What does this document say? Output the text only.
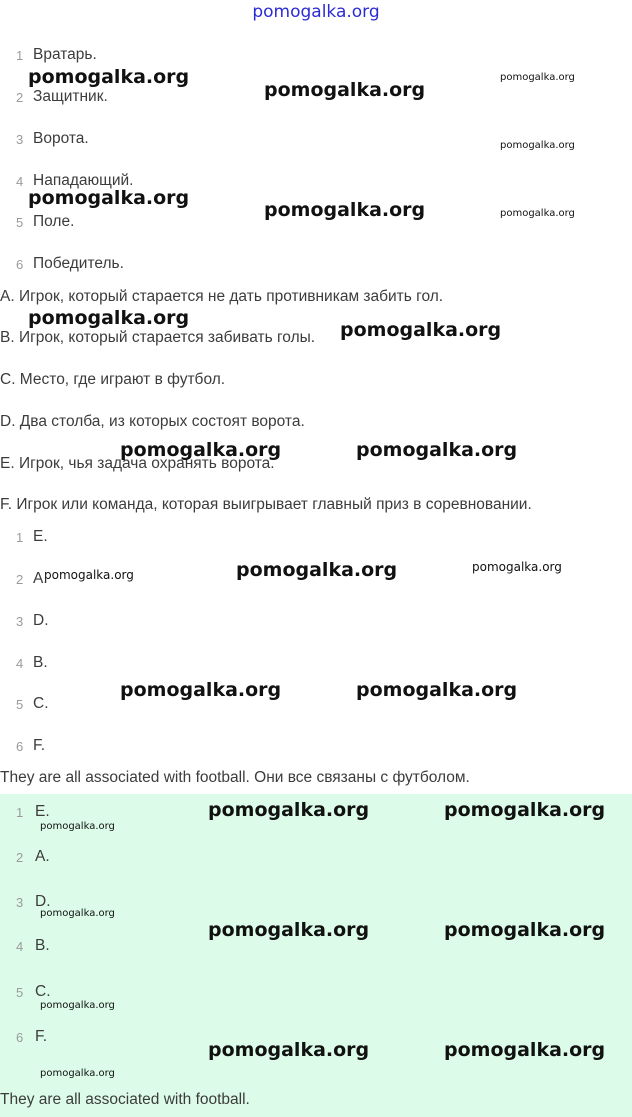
pomogalka.org
1 Вратарь.
2 Защитник.
3 Ворота.
4 Нападающий.
5 Поле.
6 Победитель.
A. Игрок, который старается не дать противникам забить гол.
B. Игрок, который старается забивать голы.
C. Место, где играют в футбол.
D. Два столба, из которых состоят ворота.
E. Игрок, чья задача охранять ворота.
F. Игрок или команда, которая выигрывает главный приз в соревновании.
1 E.
2 A.
3 D.
4 B.
5 C.
6 F.
They are all associated with football. Они все связаны с футболом.
1 E.
2 A.
3 D.
4 B.
5 C.
6 F.
They are all associated with football.
pomogalka.org
pomogalka.org
pomogalka.org
pomogalka.org
pomogalka.org
pomogalka.org	pomogalka.org
pomogalka.org
pomogalka.org
pomogalka.org	pomogalka.org
pomogalka.org	pomogalka.org	pomogalka.org
pomogalka.org	pomogalka.org
pomogalka.org	pomogalka.org
pomogalka.org
pomogalka.org
pomogalka.org	pomogalka.org
pomogalka.org
pomogalka.org	pomogalka.org
pomogalka.org
